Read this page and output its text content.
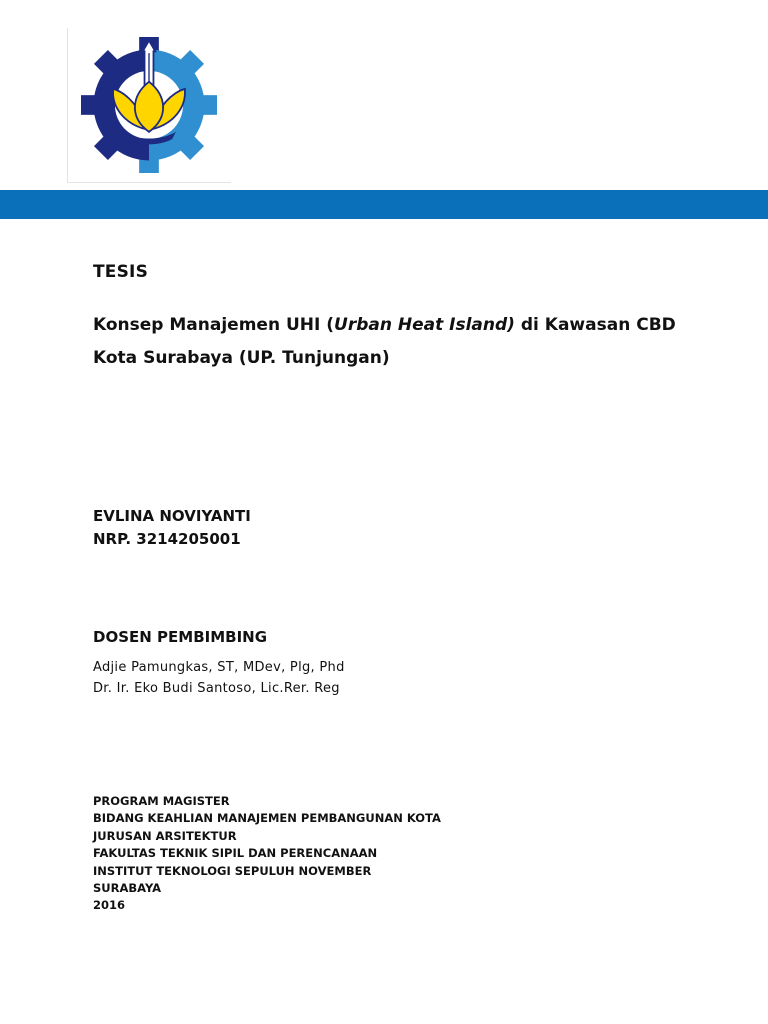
TESIS
Konsep Manajemen UHI (Urban Heat Island) di Kawasan CBD Kota Surabaya (UP. Tunjungan)
EVLINA NOVIYANTI
NRP. 3214205001
DOSEN PEMBIMBING
Adjie Pamungkas, ST, MDev, Plg, Phd
Dr. Ir. Eko Budi Santoso, Lic.Rer. Reg
PROGRAM MAGISTER
BIDANG KEAHLIAN MANAJEMEN PEMBANGUNAN KOTA
JURUSAN ARSITEKTUR
FAKULTAS TEKNIK SIPIL DAN PERENCANAAN
INSTITUT TEKNOLOGI SEPULUH NOVEMBER
SURABAYA
2016
